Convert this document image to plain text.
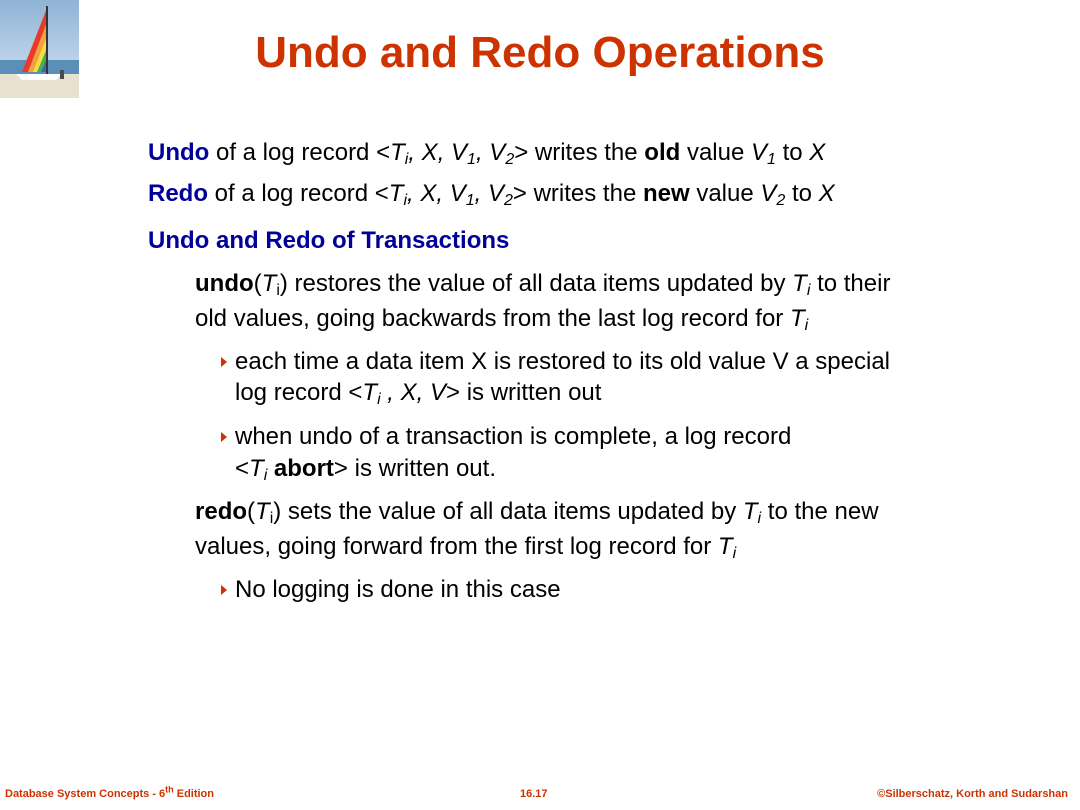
Undo and Redo Operations
Undo of a log record $<T_i$, X, $V_1$, $V_2>$ writes the old value $V_1$ to X
Redo of a log record $<T_i$, X, $V_1$, $V_2>$ writes the new value $V_2$ to X
Undo and Redo of Transactions
$undo(T_i)$ restores the value of all data items updated by $T_i$ to their
old values, going backwards from the last log record for $T_i$
each time a data item X is restored to its old value V a special
log record $<T_i$ , X, V> is written out
when undo of a transaction is complete, a log record
$<T_i$ abort> is written out.
$redo(T_i)$ sets the value of all data items updated by $T_i$ to the new
values, going forward from the first log record for $T_i$
No logging is done in this case
Database System Concepts - 6th Edition	16.17	©Silberschatz, Korth and Sudarshan
